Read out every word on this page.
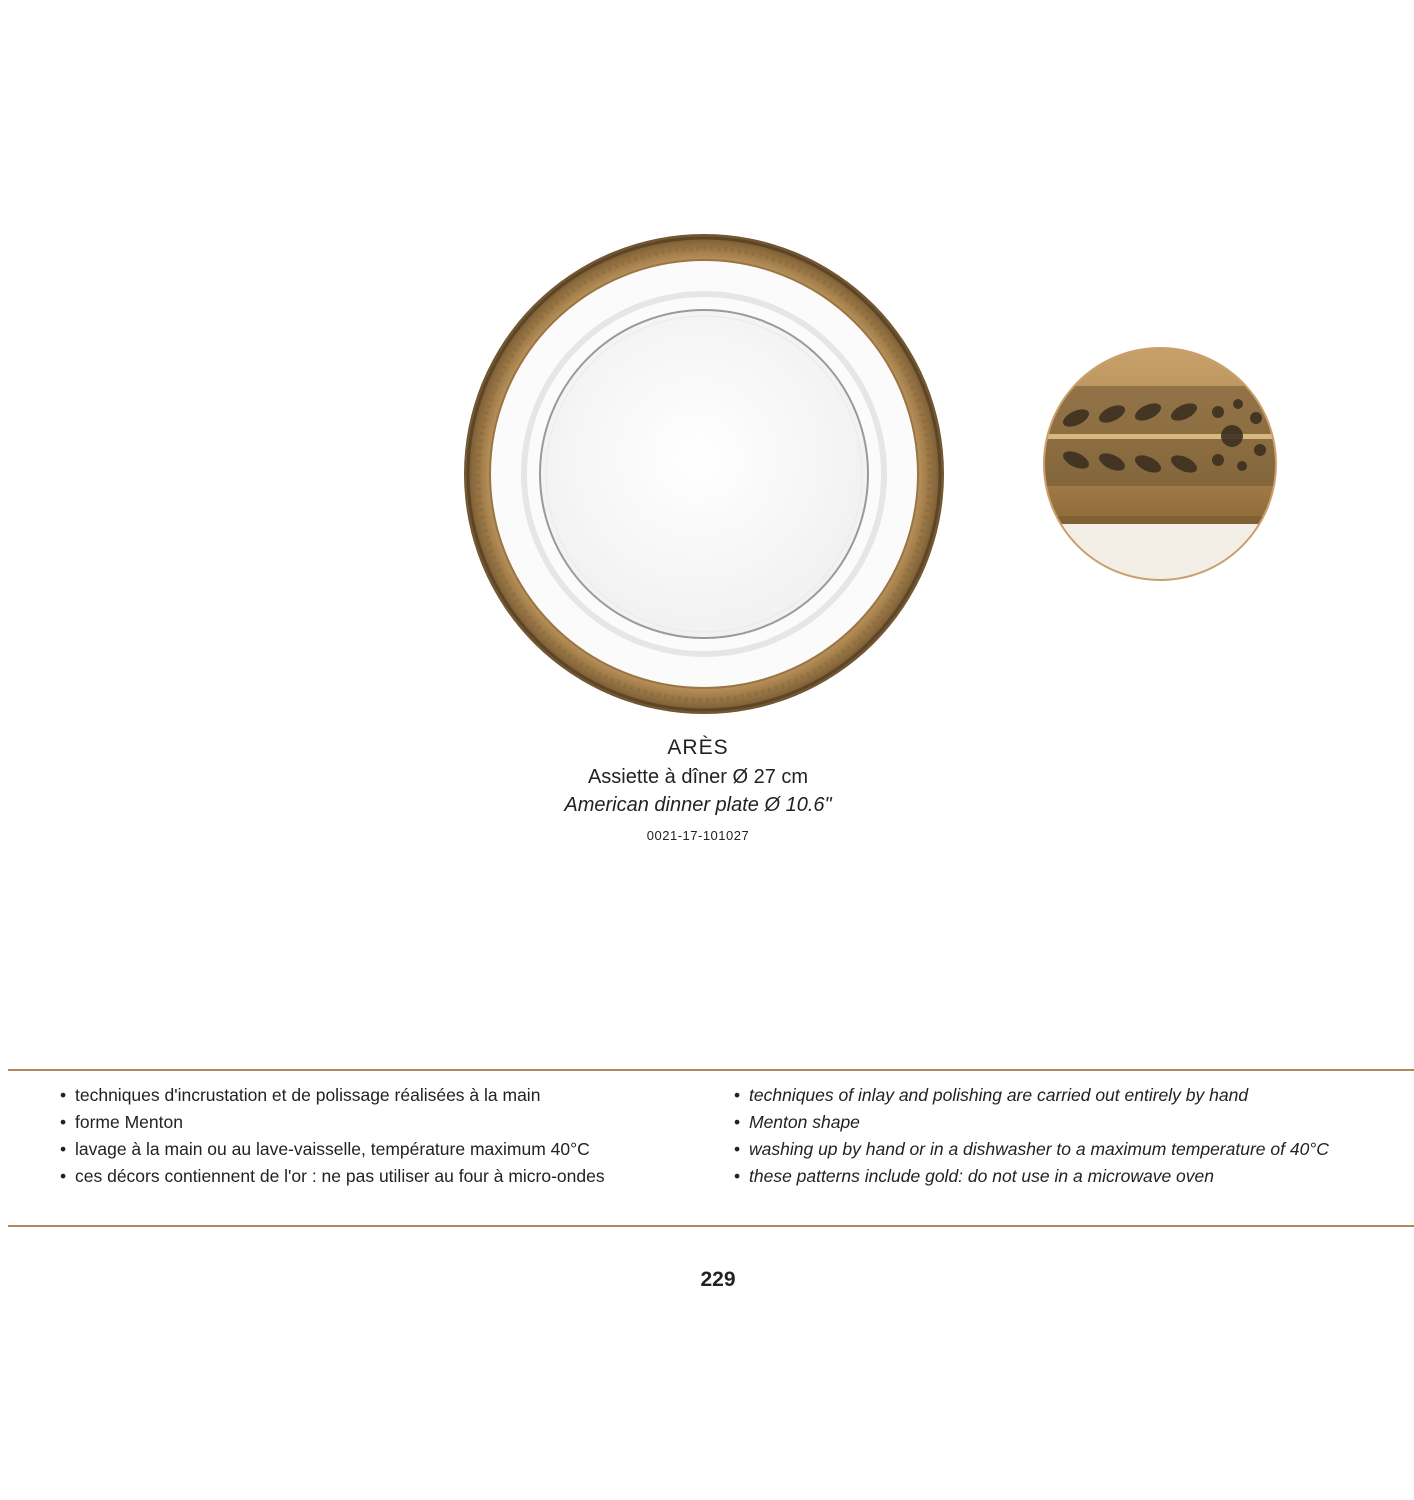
ARÈS
Assiette à dîner Ø 27 cm
American dinner plate Ø 10.6"
0021-17-101027
• techniques d'incrustation et de polissage réalisées à la main
• forme Menton
• lavage à la main ou au lave-vaisselle, température maximum 40°C
• ces décors contiennent de l'or : ne pas utiliser au four à micro-ondes
• techniques of inlay and polishing are carried out entirely by hand
• Menton shape
• washing up by hand or in a dishwasher to a maximum temperature of 40°C
• these patterns include gold: do not use in a microwave oven
229
